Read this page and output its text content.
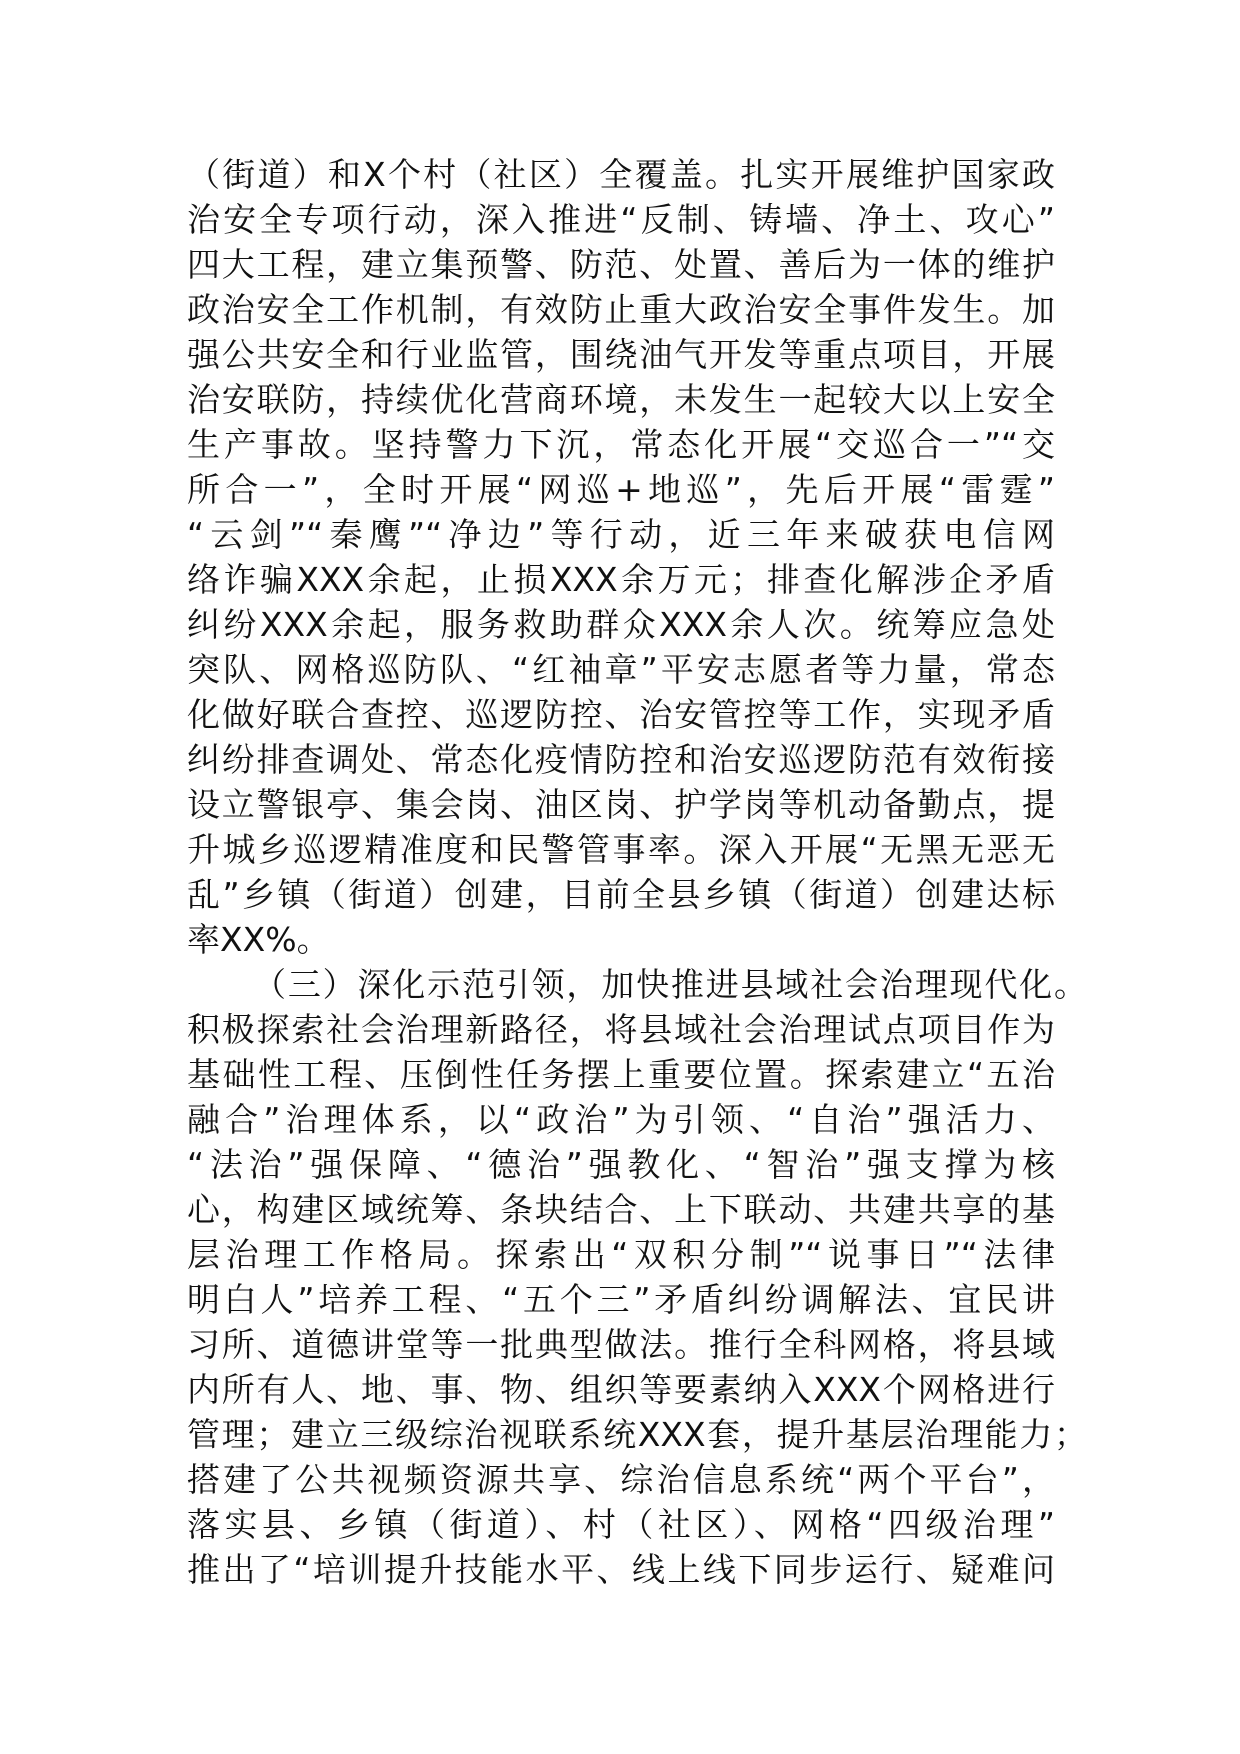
（街道）和X个村（社区）全覆盖。扎实开展维护国家政
治安全专项行动，深入推进“反制、铸墙、净土、攻心”
四大工程，建立集预警、防范、处置、善后为一体的维护
政治安全工作机制，有效防止重大政治安全事件发生。加
强公共安全和行业监管，围绕油气开发等重点项目，开展
治安联防，持续优化营商环境，未发生一起较大以上安全
生产事故。坚持警力下沉，常态化开展“交巡合一”“交
所合一”，全时开展“网巡+地巡”，先后开展“雷霆”
“云剑”“秦鹰”“净边”等行动，近三年来破获电信网
络诈骗XXX余起，止损XXX余万元；排查化解涉企矛盾
纠纷XXX余起，服务救助群众XXX余人次。统筹应急处
突队、网格巡防队、“红袖章”平安志愿者等力量，常态
化做好联合查控、巡逻防控、治安管控等工作，实现矛盾
纠纷排查调处、常态化疫情防控和治安巡逻防范有效衔接
设立警银亭、集会岗、油区岗、护学岗等机动备勤点，提
升城乡巡逻精准度和民警管事率。深入开展“无黑无恶无
乱”乡镇（街道）创建，目前全县乡镇（街道）创建达标
率XX%。
（三）深化示范引领，加快推进县域社会治理现代化。
积极探索社会治理新路径，将县域社会治理试点项目作为
基础性工程、压倒性任务摆上重要位置。探索建立“五治
融合”治理体系，以“政治”为引领、“自治”强活力、
“法治”强保障、“德治”强教化、“智治”强支撑为核
心，构建区域统筹、条块结合、上下联动、共建共享的基
层治理工作格局。探索出“双积分制”“说事日”“法律
明白人”培养工程、“五个三”矛盾纠纷调解法、宜民讲
习所、道德讲堂等一批典型做法。推行全科网格，将县域
内所有人、地、事、物、组织等要素纳入XXX个网格进行
管理；建立三级综治视联系统XXX套，提升基层治理能力；
搭建了公共视频资源共享、综治信息系统“两个平台”，
落实县、乡镇（街道）、村（社区）、网格“四级治理”
推出了“培训提升技能水平、线上线下同步运行、疑难问
